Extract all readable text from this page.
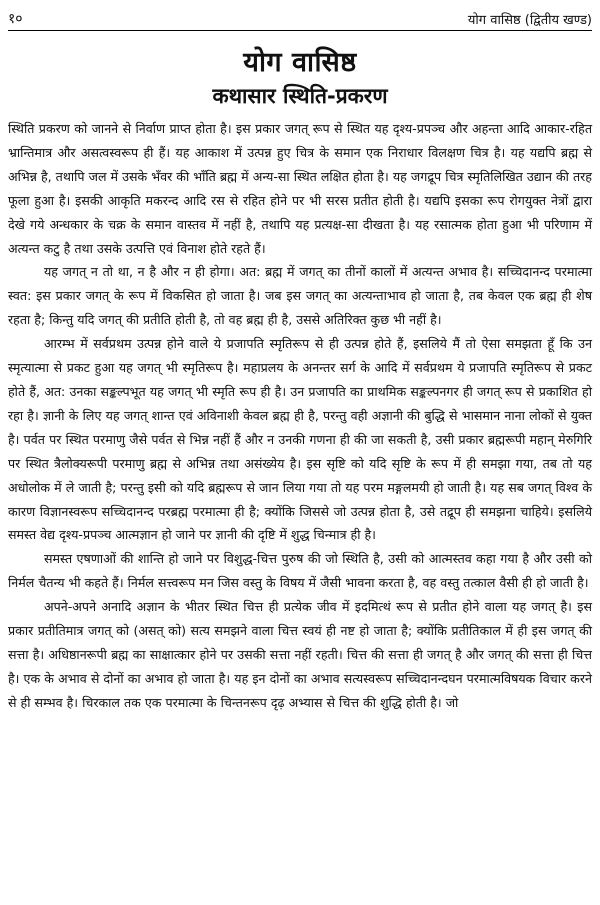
१०	योग वासिष्ठ (द्वितीय खण्ड)
योग वासिष्ठ
कथासार स्थिति-प्रकरण

स्थिति प्रकरण को जानने से निर्वाण प्राप्त होता है। इस प्रकार जगत् रूप से स्थित यह दृश्य-प्रपञ्च और अहन्ता आदि आकार-रहित भ्रान्तिमात्र और असत्वस्वरूप ही हैं। यह आकाश में उत्पन्न हुए चित्र के समान एक निराधार विलक्षण चित्र है। यह यद्यपि ब्रह्म से अभिन्न है, तथापि जल में उसके भँवर की भाँति ब्रह्म में अन्य-सा स्थित लक्षित होता है। यह जगद्रूप चित्र स्मृतिलिखित उद्यान की तरह फूला हुआ है। इसकी आकृति मकरन्द आदि रस से रहित होने पर भी सरस प्रतीत होती है। यद्यपि इसका रूप रोगयुक्त नेत्रों द्वारा देखे गये अन्धकार के चक्र के समान वास्तव में नहीं है, तथापि यह प्रत्यक्ष-सा दीखता है। यह रसात्मक होता हुआ भी परिणाम में अत्यन्त कटु है तथा उसके उत्पत्ति एवं विनाश होते रहते हैं।

यह जगत् न तो था, न है और न ही होगा। अत: ब्रह्म में जगत् का तीनों कालों में अत्यन्त अभाव है। सच्चिदानन्द परमात्मा स्वत: इस प्रकार जगत् के रूप में विकसित हो जाता है। जब इस जगत् का अत्यन्ताभाव हो जाता है, तब केवल एक ब्रह्म ही शेष रहता है; किन्तु यदि जगत् की प्रतीति होती है, तो वह ब्रह्म ही है, उससे अतिरिक्त कुछ भी नहीं है।

आरम्भ में सर्वप्रथम उत्पन्न होने वाले ये प्रजापति स्मृतिरूप से ही उत्पन्न होते हैं, इसलिये मैं तो ऐसा समझता हूँ कि उन स्मृत्यात्मा से प्रकट हुआ यह जगत् भी स्मृतिरूप है। महाप्रलय के अनन्तर सर्ग के आदि में सर्वप्रथम ये प्रजापति स्मृतिरूप से प्रकट होते हैं, अत: उनका सङ्कल्पभूत यह जगत् भी स्मृति रूप ही है। उन प्रजापति का प्राथमिक सङ्कल्पनगर ही जगत् रूप से प्रकाशित हो रहा है। ज्ञानी के लिए यह जगत् शान्त एवं अविनाशी केवल ब्रह्म ही है, परन्तु वही अज्ञानी की बुद्धि से भासमान नाना लोकों से युक्त है। पर्वत पर स्थित परमाणु जैसे पर्वत से भिन्न नहीं हैं और न उनकी गणना ही की जा सकती है, उसी प्रकार ब्रह्मरूपी महान् मेरुगिरि पर स्थित त्रैलोक्यरूपी परमाणु ब्रह्म से अभिन्न तथा असंख्येय है। इस सृष्टि को यदि सृष्टि के रूप में ही समझा गया, तब तो यह अधोलोक में ले जाती है; परन्तु इसी को यदि ब्रह्मरूप से जान लिया गया तो यह परम मङ्गलमयी हो जाती है। यह सब जगत् विश्व के कारण विज्ञानस्वरूप सच्चिदानन्द परब्रह्म परमात्मा ही है; क्योंकि जिससे जो उत्पन्न होता है, उसे तद्रूप ही समझना चाहिये। इसलिये समस्त वेद्य दृश्य-प्रपञ्च आत्मज्ञान हो जाने पर ज्ञानी की दृष्टि में शुद्ध चिन्मात्र ही है।

समस्त एषणाओं की शान्ति हो जाने पर विशुद्ध-चित्त पुरुष की जो स्थिति है, उसी को आत्मस्तव कहा गया है और उसी को निर्मल चैतन्य भी कहते हैं। निर्मल सत्त्वरूप मन जिस वस्तु के विषय में जैसी भावना करता है, वह वस्तु तत्काल वैसी ही हो जाती है।

अपने-अपने अनादि अज्ञान के भीतर स्थित चित्त ही प्रत्येक जीव में इदमित्थं रूप से प्रतीत होने वाला यह जगत् है। इस प्रकार प्रतीतिमात्र जगत् को (असत् को) सत्य समझने वाला चित्त स्वयं ही नष्ट हो जाता है; क्योंकि प्रतीतिकाल में ही इस जगत् की सत्ता है। अधिष्ठानरूपी ब्रह्म का साक्षात्कार होने पर उसकी सत्ता नहीं रहती। चित्त की सत्ता ही जगत् है और जगत् की सत्ता ही चित्त है। एक के अभाव से दोनों का अभाव हो जाता है। यह इन दोनों का अभाव सत्यस्वरूप सच्चिदानन्दघन परमात्मविषयक विचार करने से ही सम्भव है। चिरकाल तक एक परमात्मा के चिन्तनरूप दृढ़ अभ्यास से चित्त की शुद्धि होती है। जो
